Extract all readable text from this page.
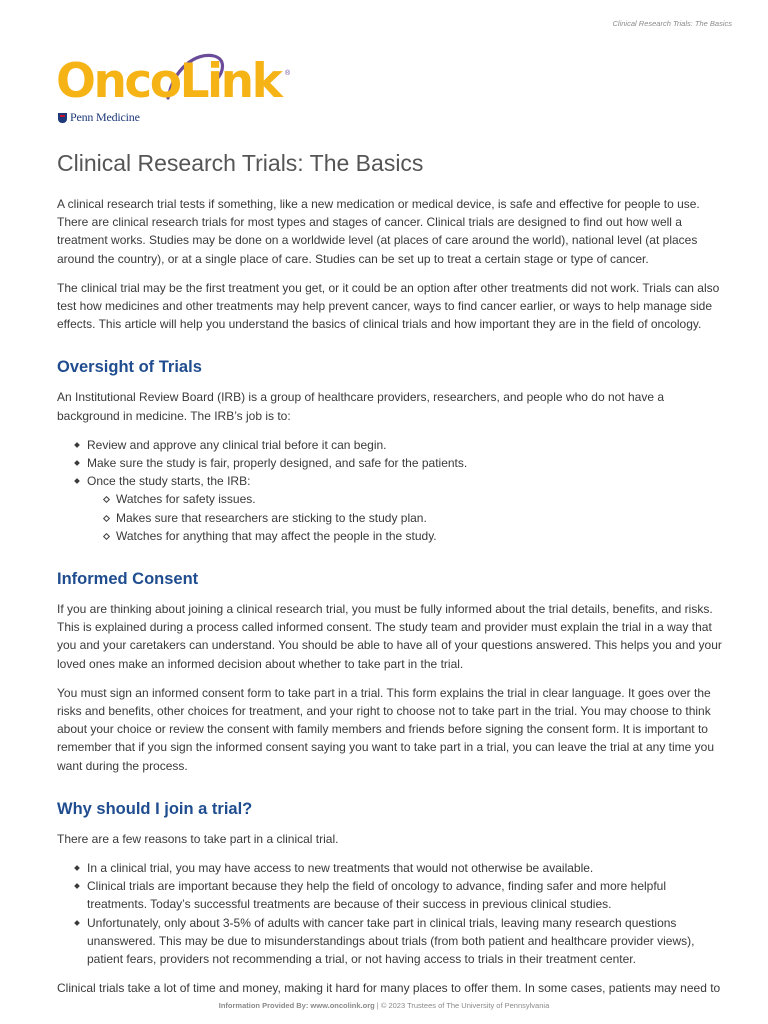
Clinical Research Trials: The Basics
OncoLink ®
Penn Medicine
Clinical Research Trials: The Basics

A clinical research trial tests if something, like a new medication or medical device, is safe and effective for people to use. There are clinical research trials for most types and stages of cancer. Clinical trials are designed to find out how well a treatment works. Studies may be done on a worldwide level (at places of care around the world), national level (at places around the country), or at a single place of care. Studies can be set up to treat a certain stage or type of cancer.

The clinical trial may be the first treatment you get, or it could be an option after other treatments did not work. Trials can also test how medicines and other treatments may help prevent cancer, ways to find cancer earlier, or ways to help manage side effects. This article will help you understand the basics of clinical trials and how important they are in the field of oncology.

Oversight of Trials

An Institutional Review Board (IRB) is a group of healthcare providers, researchers, and people who do not have a background in medicine. The IRB’s job is to:

Review and approve any clinical trial before it can begin.
Make sure the study is fair, properly designed, and safe for the patients.
Once the study starts, the IRB:
Watches for safety issues.
Makes sure that researchers are sticking to the study plan.
Watches for anything that may affect the people in the study.
Informed Consent

If you are thinking about joining a clinical research trial, you must be fully informed about the trial details, benefits, and risks. This is explained during a process called informed consent. The study team and provider must explain the trial in a way that you and your caretakers can understand. You should be able to have all of your questions answered. This helps you and your loved ones make an informed decision about whether to take part in the trial.

You must sign an informed consent form to take part in a trial. This form explains the trial in clear language. It goes over the risks and benefits, other choices for treatment, and your right to choose not to take part in the trial. You may choose to think about your choice or review the consent with family members and friends before signing the consent form. It is important to remember that if you sign the informed consent saying you want to take part in a trial, you can leave the trial at any time you want during the process.

Why should I join a trial?

There are a few reasons to take part in a clinical trial.

In a clinical trial, you may have access to new treatments that would not otherwise be available.
Clinical trials are important because they help the field of oncology to advance, finding safer and more helpful treatments. Today’s successful treatments are because of their success in previous clinical studies.
Unfortunately, only about 3-5% of adults with cancer take part in clinical trials, leaving many research questions unanswered. This may be due to misunderstandings about trials (from both patient and healthcare provider views), patient fears, providers not recommending a trial, or not having access to trials in their treatment center.

Clinical trials take a lot of time and money, making it hard for many places to offer them. In some cases, patients may need to

Information Provided By: www.oncolink.org | © 2023 Trustees of The University of Pennsylvania
